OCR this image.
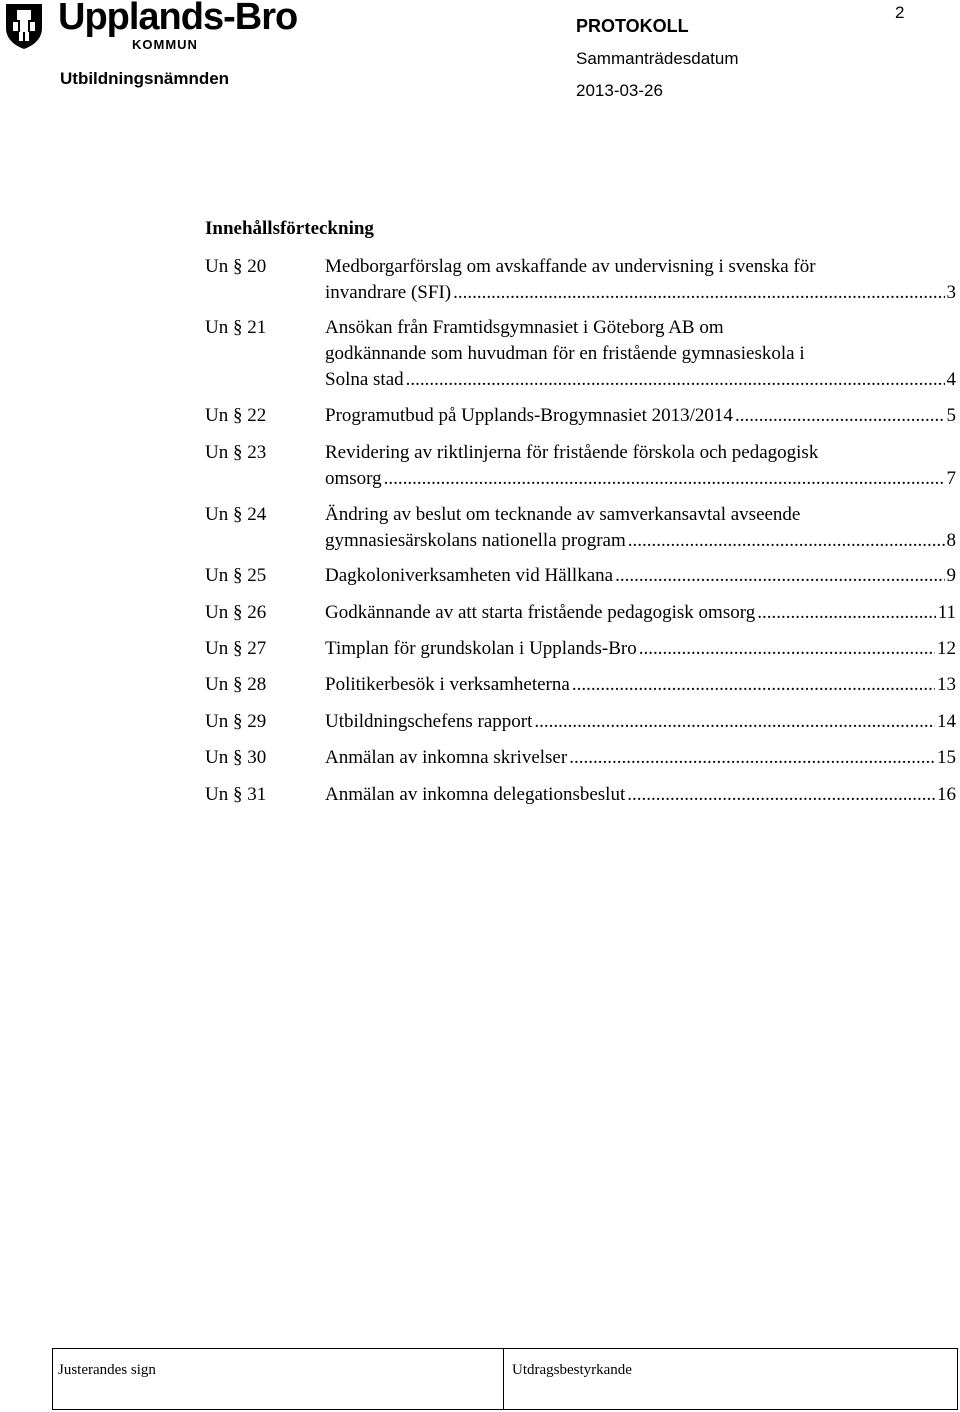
Upplands-Bro
KOMMUN
Utbildningsnämnden
PROTOKOLL
Sammanträdesdatum
2013-03-26
2
Innehållsförteckning
Un § 20	Medborgarförslag om avskaffande av undervisning i svenska för
invandrare (SFI) .....	3
Un § 21	Ansökan från Framtidsgymnasiet i Göteborg AB om
godkännande som huvudman för en fristående gymnasieskola i
Solna stad .....	4
Un § 22	Programutbud på Upplands-Brogymnasiet 2013/2014 .....	5
Un § 23	Revidering av riktlinjerna för fristående förskola och pedagogisk
omsorg .....	7
Un § 24	Ändring av beslut om tecknande av samverkansavtal avseende
gymnasiesärskolans nationella program .....	8
Un § 25	Dagkoloniverksamheten vid Hällkana .....	9
Un § 26	Godkännande av att starta fristående pedagogisk omsorg .....	11
Un § 27	Timplan för grundskolan i Upplands-Bro .....	12
Un § 28	Politikerbesök i verksamheterna .....	13
Un § 29	Utbildningschefens rapport .....	14
Un § 30	Anmälan av inkomna skrivelser .....	15
Un § 31	Anmälan av inkomna delegationsbeslut .....	16
Justerandes sign	Utdragsbestyrkande
